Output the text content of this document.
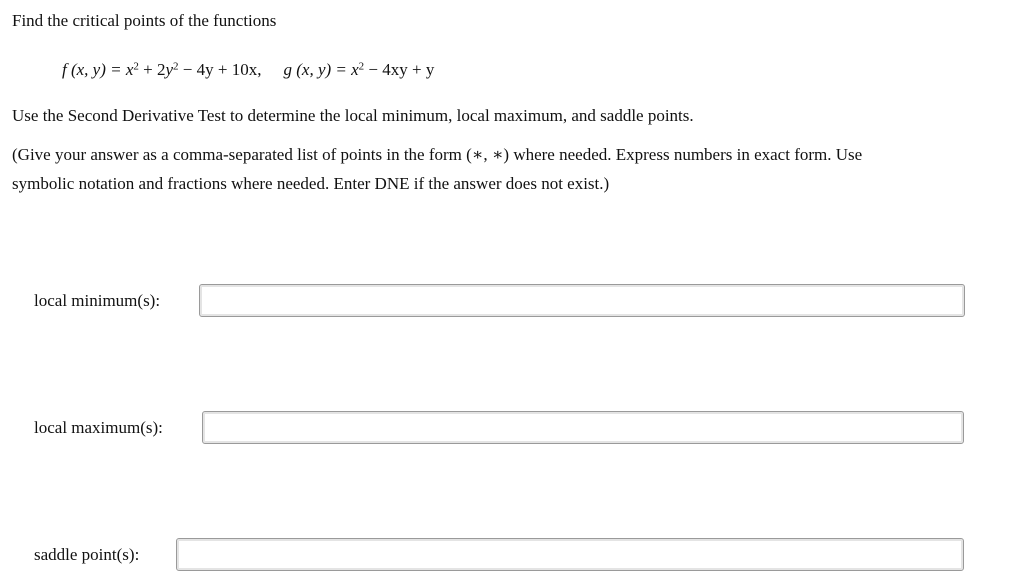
Find the critical points of the functions
f (x, $y) = x^2 + 2y^2 - 4y + 10x$, g (x, $y) = x^2 - 4xy + y$
Use the Second Derivative Test to determine the local minimum, local maximum, and saddle points.
(Give your answer as a comma-separated list of points in the form (∗, ∗) where needed. Express numbers in exact form. Use
symbolic notation and fractions where needed. Enter DNE if the answer does not exist.)
local minimum(s):
local maximum(s):
saddle point(s):
